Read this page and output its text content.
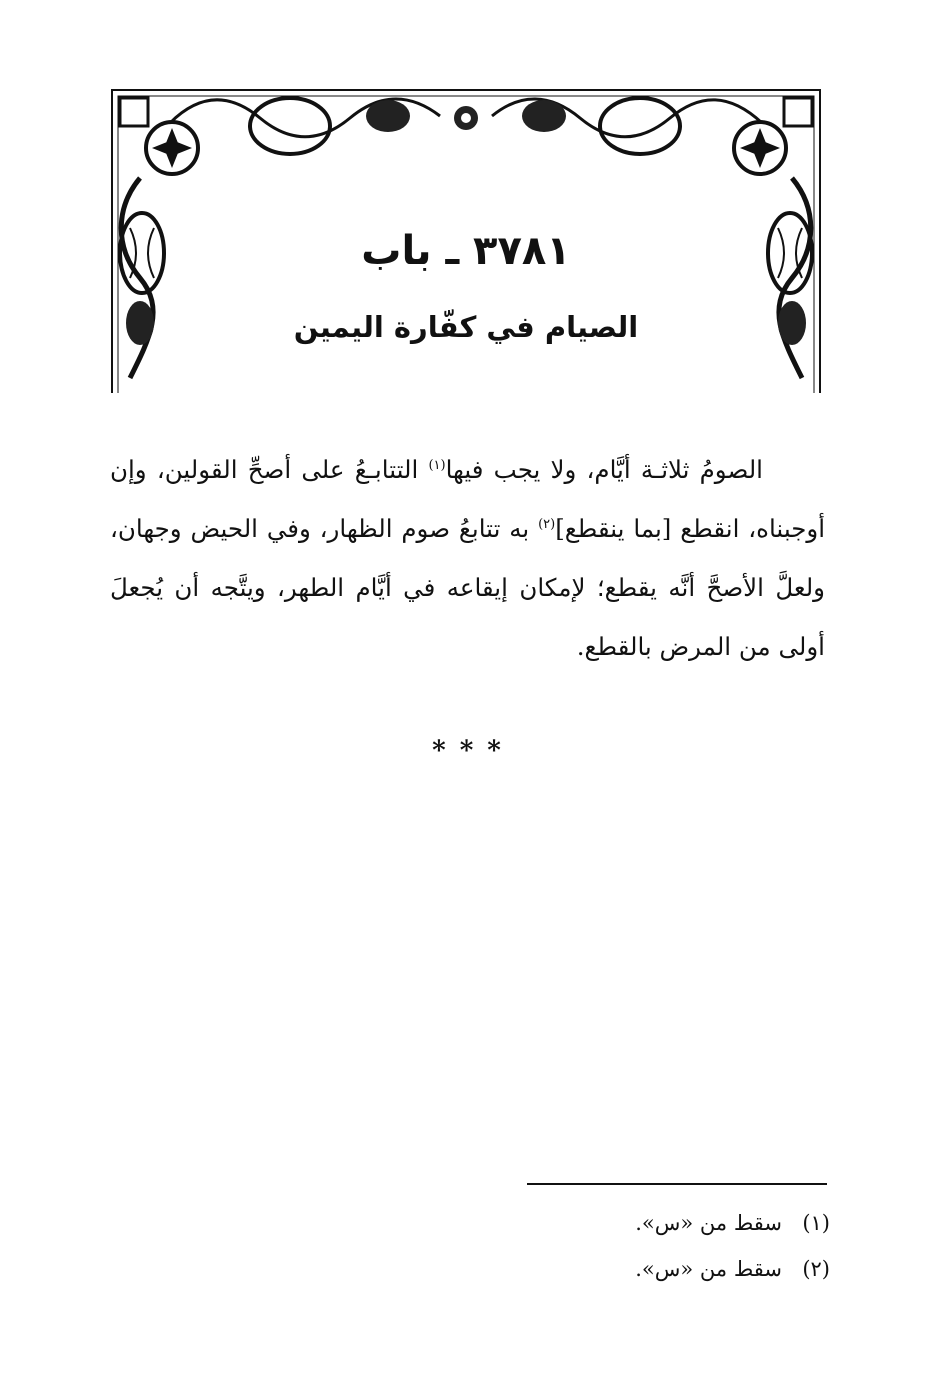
٣٧٨١ ـ باب
الصيام في كفّارة اليمين

الصومُ ثلاثـة أيَّام، ولا يجب فيها$^{(١)}$ التتابـعُ على أصحِّ القولين، وإن أوجبناه، انقطع [بما ينقطع]$^{(٢)}$ به تتابعُ صوم الظهار، وفي الحيض وجهان، ولعلَّ الأصحَّ أنَّه يقطع؛ لإمكان إيقاعه في أيَّام الطهر، ويتَّجه أن يُجعلَ أولى من المرض بالقطع.

***
(١)سقط من «س».
(٢)سقط من «س».
